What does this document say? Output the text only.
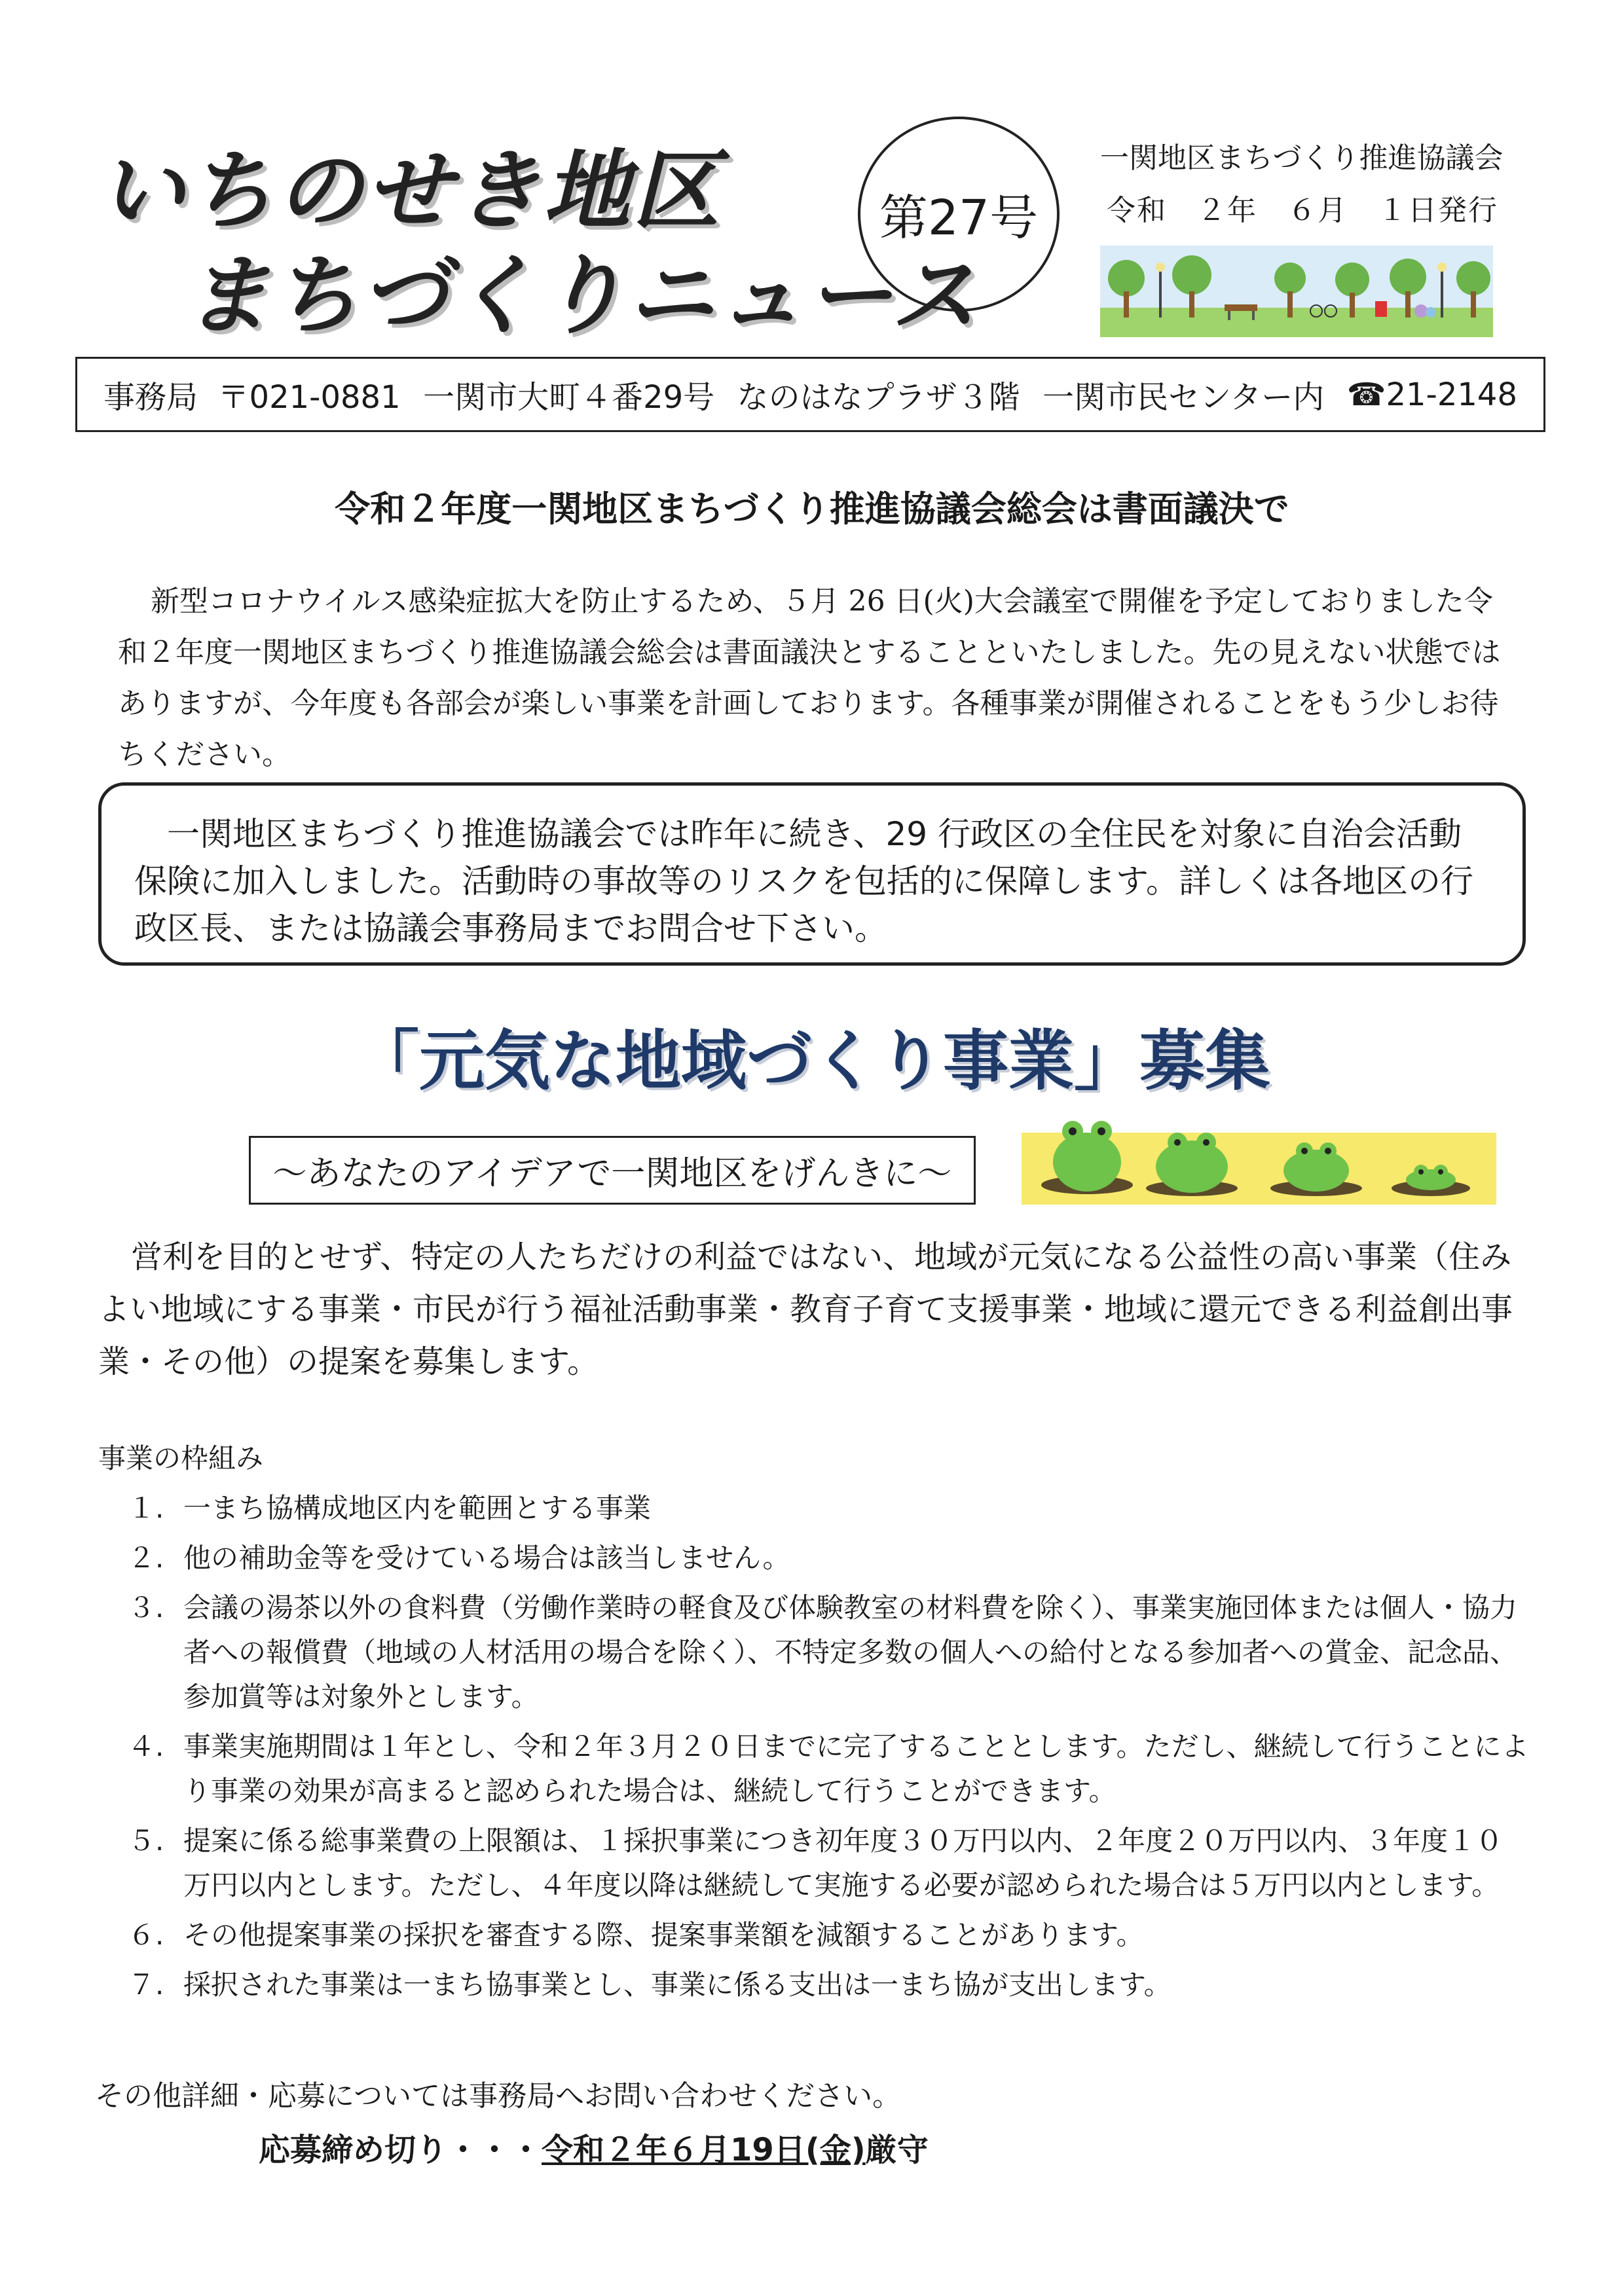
いちのせき地区
まちづくりニュース
第27号
一関地区まちづくり推進協議会
令和　２年　６月　１日発行
事務局 〒021-0881 一関市大町４番29号 なのはなプラザ３階 一関市民センター内 ☎21-2148
令和２年度一関地区まちづくり推進協議会総会は書面議決で
新型コロナウイルス感染症拡大を防止するため、５月 26 日(火)大会議室で開催を予定しておりました令和２年度一関地区まちづくり推進協議会総会は書面議決とすることといたしました。先の見えない状態ではありますが、今年度も各部会が楽しい事業を計画しております。各種事業が開催されることをもう少しお待ちください。
一関地区まちづくり推進協議会では昨年に続き、29 行政区の全住民を対象に自治会活動保険に加入しました。活動時の事故等のリスクを包括的に保障します。詳しくは各地区の行政区長、または協議会事務局までお問合せ下さい。
「元気な地域づくり事業」募集
～あなたのアイデアで一関地区をげんきに～
営利を目的とせず、特定の人たちだけの利益ではない、地域が元気になる公益性の高い事業（住みよい地域にする事業・市民が行う福祉活動事業・教育子育て支援事業・地域に還元できる利益創出事業・その他）の提案を募集します。
事業の枠組み
１. 一まち協構成地区内を範囲とする事業
２. 他の補助金等を受けている場合は該当しません。
３. 会議の湯茶以外の食料費（労働作業時の軽食及び体験教室の材料費を除く）、事業実施団体または個人・協力者への報償費（地域の人材活用の場合を除く）、不特定多数の個人への給付となる参加者への賞金、記念品、参加賞等は対象外とします。
４. 事業実施期間は１年とし、令和２年３月２０日までに完了することとします。ただし、継続して行うことにより事業の効果が高まると認められた場合は、継続して行うことができます。
５. 提案に係る総事業費の上限額は、１採択事業につき初年度３０万円以内、２年度２０万円以内、３年度１０万円以内とします。ただし、４年度以降は継続して実施する必要が認められた場合は５万円以内とします。
６. その他提案事業の採択を審査する際、提案事業額を減額することがあります。
７. 採択された事業は一まち協事業とし、事業に係る支出は一まち協が支出します。
その他詳細・応募については事務局へお問い合わせください。
応募締め切り・・・令和２年６月19日(金)厳守
